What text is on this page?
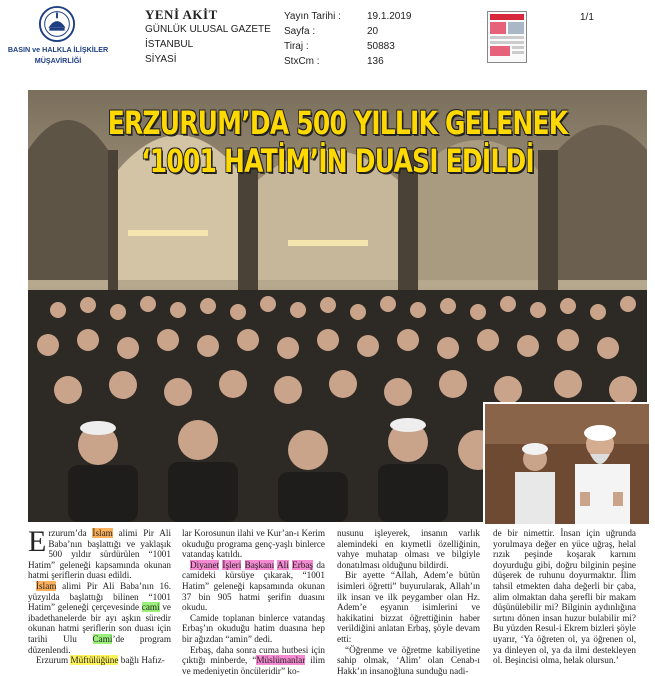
BASIN ve HALKLA İLİŞKİLER
MÜŞAVİRLİĞİ
YENİ AKİT
GÜNLÜK ULUSAL GAZETE
İSTANBUL
SİYASİ
Yayın Tarihi :
Sayfa :
Tiraj :
StxCm :
19.1.2019
20
50883
136
1/1
ERZURUM’DA 500 YILLIK GELENEK
‘1001 HATİM’İN DUASI EDİLDİ

Erzurum’da İslam alimi Pir Ali Baba’nın başlattığı ve yaklaşık 500 yıldır sürdürülen “1001 Hatim” geleneği kapsamında okunan hatmi şeriflerin duası edildi.

İslam alimi Pir Ali Baba’nın 16. yüzyılda başlattığı bilinen “1001 Hatim” geleneği çerçevesinde cami ve ibadethanelerde bir ayı aşkın süredir okunan hatmi şeriflerin son duası için tarihi Ulu Cami’de program düzenlendi.

Erzurum Müftülüğüne bağlı Hafız-

lar Korosunun ilahi ve Kur’an-ı Kerim okuduğu programa genç-yaşlı binlerce vatandaş katıldı.

Diyanet İşleri Başkanı Ali Erbaş da camideki kürsüye çıkarak, “1001 Hatim” geleneği kapsamında okunan 37 bin 905 hatmi şerifin duasını okudu.

Camide toplanan binlerce vatandaş Erbaş’ın okuduğu hatim duasına hep bir ağızdan “amin” dedi.

Erbaş, daha sonra cuma hutbesi için çıktığı minberde, “Müslümanlar ilim ve medeniyetin öncüleridir” ko-

nusunu işleyerek, insanın varlık alemindeki en kıymetli özelliğinin, vahye muhatap olması ve bilgiyle donatılması olduğunu bildirdi.

Bir ayette “Allah, Adem’e bütün isimleri öğretti” buyurularak, Allah’ın ilk insan ve ilk peygamber olan Hz. Adem’e eşyanın isimlerini ve hakikatini bizzat öğrettiğinin haber verildiğini anlatan Erbaş, şöyle devam etti:

“Öğrenme ve öğretme kabiliyetine sahip olmak, ‘Alim’ olan Cenab-ı Hakk’ın insanoğluna sunduğu nadi-

de bir nimettir. İnsan için uğrunda yorulmaya değer en yüce uğraş, helal rızık peşinde koşarak karnını doyurduğu gibi, doğru bilginin peşine düşerek de ruhunu doyurmaktır. İlim tahsil etmekten daha değerli bir çaba, alim olmaktan daha şerefli bir makam düşünülebilir mi? Bilginin aydınlığına sırtını dönen insan huzur bulabilir mi? Bu yüzden Resul-i Ekrem bizleri şöyle uyarır, ‘Ya öğreten ol, ya öğrenen ol, ya dinleyen ol, ya da ilmi destekleyen ol. Beşincisi olma, helak olursun.’
